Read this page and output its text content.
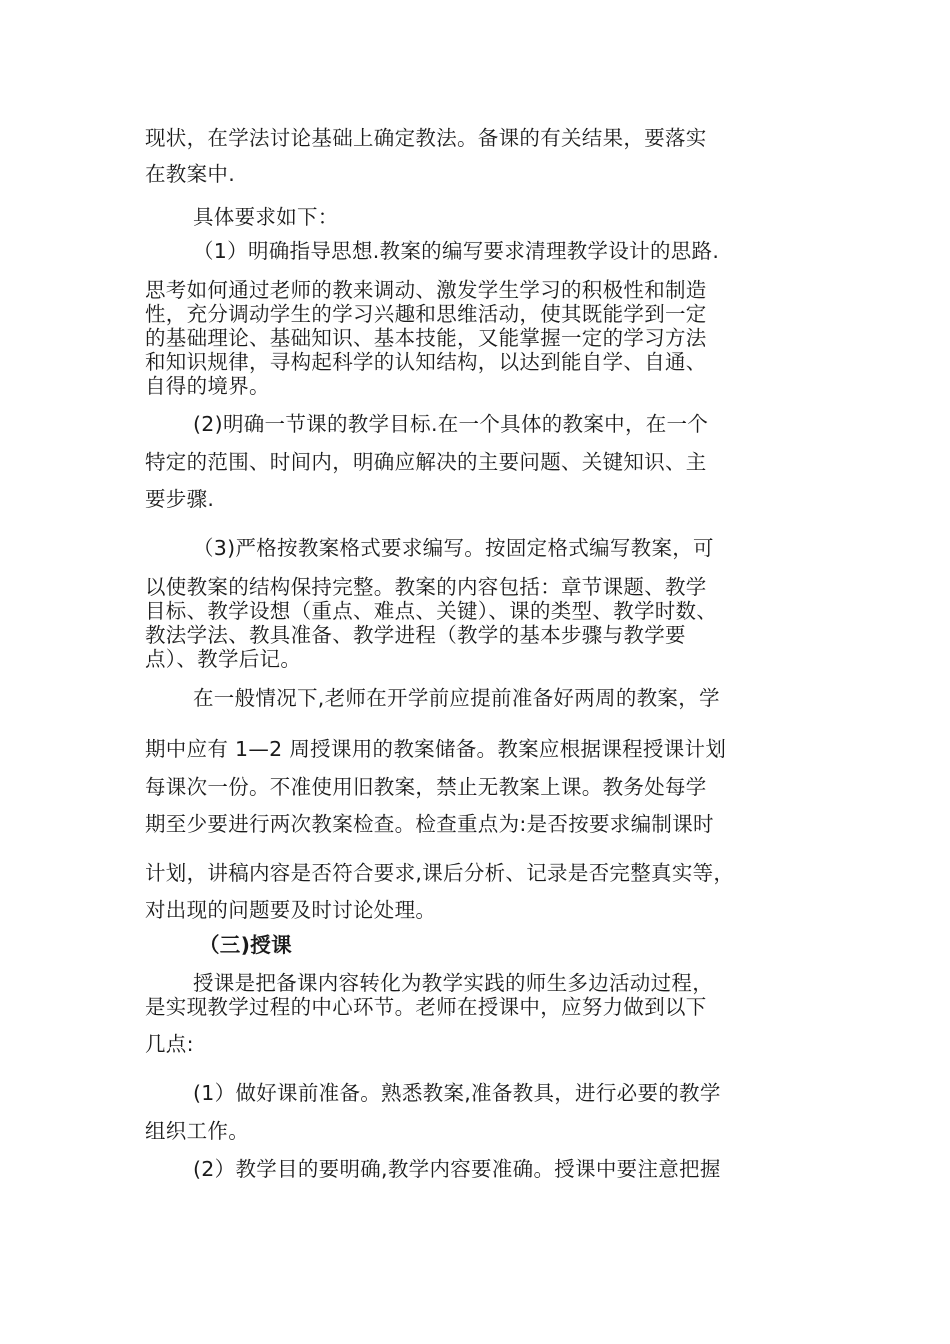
现状，在学法讨论基础上确定教法。备课的有关结果，要落实
在教案中.
具体要求如下：
（1）明确指导思想.教案的编写要求清理教学设计的思路.
思考如何通过老师的教来调动、激发学生学习的积极性和制造
性，充分调动学生的学习兴趣和思维活动，使其既能学到一定
的基础理论、基础知识、基本技能，又能掌握一定的学习方法
和知识规律，寻构起科学的认知结构，以达到能自学、自通、
自得的境界。
(2)明确一节课的教学目标.在一个具体的教案中，在一个
特定的范围、时间内，明确应解决的主要问题、关键知识、主
要步骤.
（3)严格按教案格式要求编写。按固定格式编写教案，可
以使教案的结构保持完整。教案的内容包括：章节课题、教学
目标、教学设想（重点、难点、关键）、课的类型、教学时数、
教法学法、教具准备、教学进程（教学的基本步骤与教学要
点）、教学后记。
在一般情况下,老师在开学前应提前准备好两周的教案，学
期中应有 1—2 周授课用的教案储备。教案应根据课程授课计划
每课次一份。不准使用旧教案，禁止无教案上课。教务处每学
期至少要进行两次教案检查。检查重点为:是否按要求编制课时
计划，讲稿内容是否符合要求,课后分析、记录是否完整真实等，
对出现的问题要及时讨论处理。
（三)授课
授课是把备课内容转化为教学实践的师生多边活动过程，
是实现教学过程的中心环节。老师在授课中，应努力做到以下
几点:
(1）做好课前准备。熟悉教案,准备教具，进行必要的教学
组织工作。
(2）教学目的要明确,教学内容要准确。授课中要注意把握
